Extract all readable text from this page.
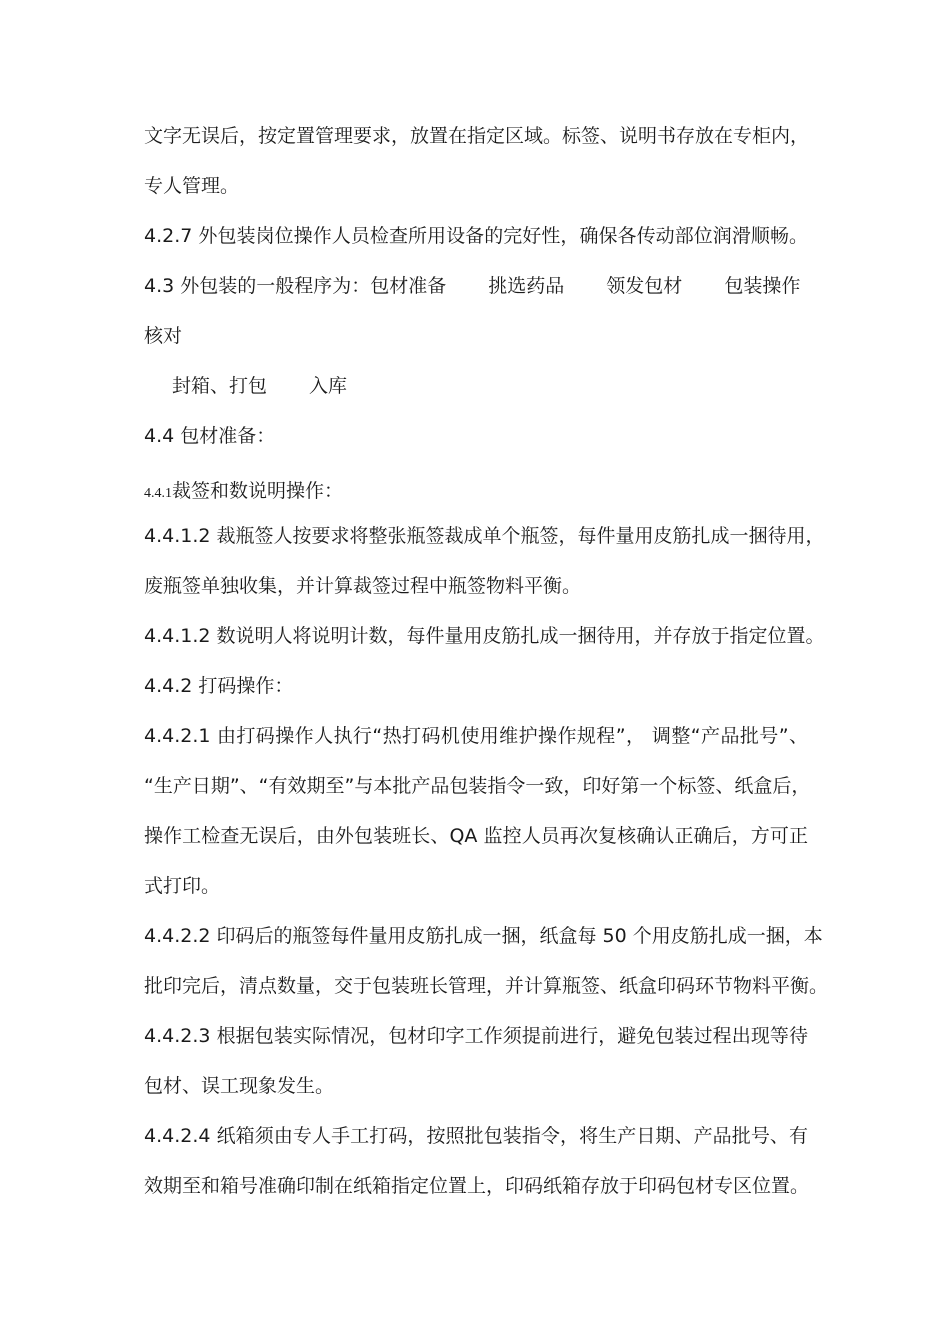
文字无误后，按定置管理要求，放置在指定区域。标签、说明书存放在专柜内，
专人管理。
4.2.7 外包装岗位操作人员检查所用设备的完好性，确保各传动部位润滑顺畅。
4.3 外包装的一般程序为：包材准备 挑选药品 领发包材 包装操作
核对
封箱、打包 入库
4.4 包材准备：
4.4.1裁签和数说明操作：
4.4.1.2 裁瓶签人按要求将整张瓶签裁成单个瓶签，每件量用皮筋扎成一捆待用，
废瓶签单独收集，并计算裁签过程中瓶签物料平衡。
4.4.1.2 数说明人将说明计数，每件量用皮筋扎成一捆待用，并存放于指定位置。
4.4.2 打码操作：
4.4.2.1 由打码操作人执行“热打码机使用维护操作规程”， 调整“产品批号”、
“生产日期”、“有效期至”与本批产品包装指令一致，印好第一个标签、纸盒后，
操作工检查无误后，由外包装班长、QA 监控人员再次复核确认正确后，方可正
式打印。
4.4.2.2 印码后的瓶签每件量用皮筋扎成一捆，纸盒每 50 个用皮筋扎成一捆，本
批印完后，清点数量，交于包装班长管理，并计算瓶签、纸盒印码环节物料平衡。
4.4.2.3 根据包装实际情况，包材印字工作须提前进行，避免包装过程出现等待
包材、误工现象发生。
4.4.2.4 纸箱须由专人手工打码，按照批包装指令，将生产日期、产品批号、有
效期至和箱号准确印制在纸箱指定位置上，印码纸箱存放于印码包材专区位置。
